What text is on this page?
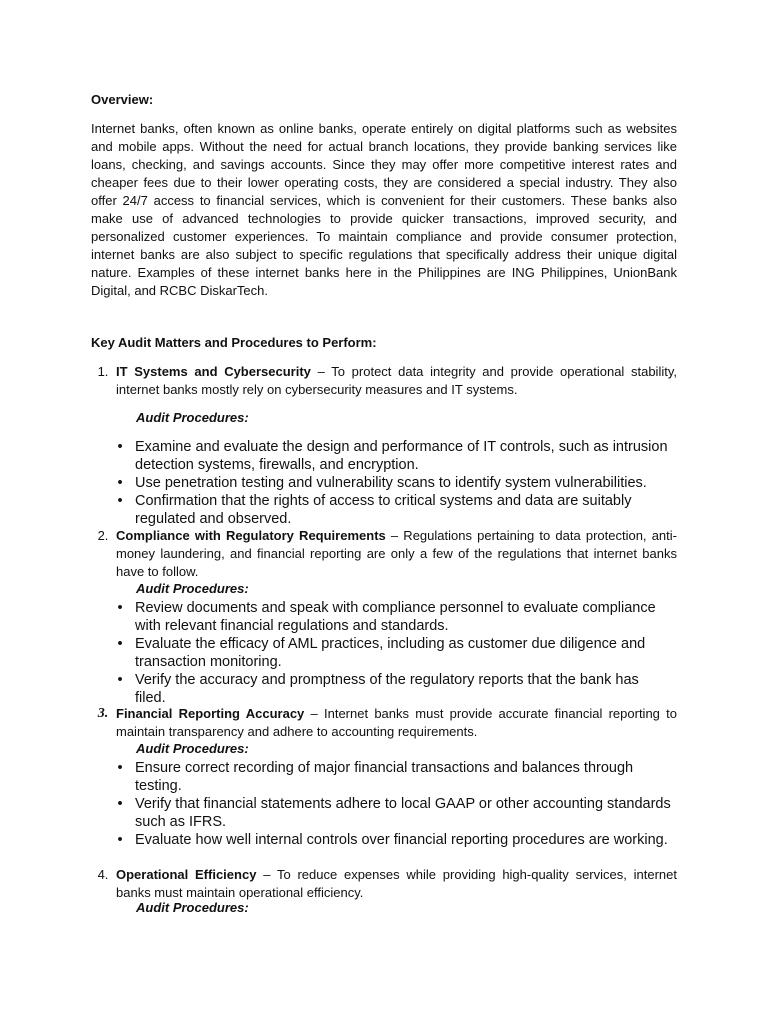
Overview:
Internet banks, often known as online banks, operate entirely on digital platforms such as websites and mobile apps. Without the need for actual branch locations, they provide banking services like loans, checking, and savings accounts. Since they may offer more competitive interest rates and cheaper fees due to their lower operating costs, they are considered a special industry. They also offer 24/7 access to financial services, which is convenient for their customers. These banks also make use of advanced technologies to provide quicker transactions, improved security, and personalized customer experiences. To maintain compliance and provide consumer protection, internet banks are also subject to specific regulations that specifically address their unique digital nature. Examples of these internet banks here in the Philippines are ING Philippines, UnionBank Digital, and RCBC DiskarTech.
Key Audit Matters and Procedures to Perform:
1. IT Systems and Cybersecurity – To protect data integrity and provide operational stability, internet banks mostly rely on cybersecurity measures and IT systems.
Audit Procedures:
• Examine and evaluate the design and performance of IT controls, such as intrusion detection systems, firewalls, and encryption.
• Use penetration testing and vulnerability scans to identify system vulnerabilities.
• Confirmation that the rights of access to critical systems and data are suitably regulated and observed.
2. Compliance with Regulatory Requirements – Regulations pertaining to data protection, anti-money laundering, and financial reporting are only a few of the regulations that internet banks have to follow.
Audit Procedures:
• Review documents and speak with compliance personnel to evaluate compliance with relevant financial regulations and standards.
• Evaluate the efficacy of AML practices, including as customer due diligence and transaction monitoring.
• Verify the accuracy and promptness of the regulatory reports that the bank has filed.
3. Financial Reporting Accuracy – Internet banks must provide accurate financial reporting to maintain transparency and adhere to accounting requirements.
Audit Procedures:
• Ensure correct recording of major financial transactions and balances through testing.
• Verify that financial statements adhere to local GAAP or other accounting standards such as IFRS.
• Evaluate how well internal controls over financial reporting procedures are working.
4. Operational Efficiency – To reduce expenses while providing high-quality services, internet banks must maintain operational efficiency.
Audit Procedures:
